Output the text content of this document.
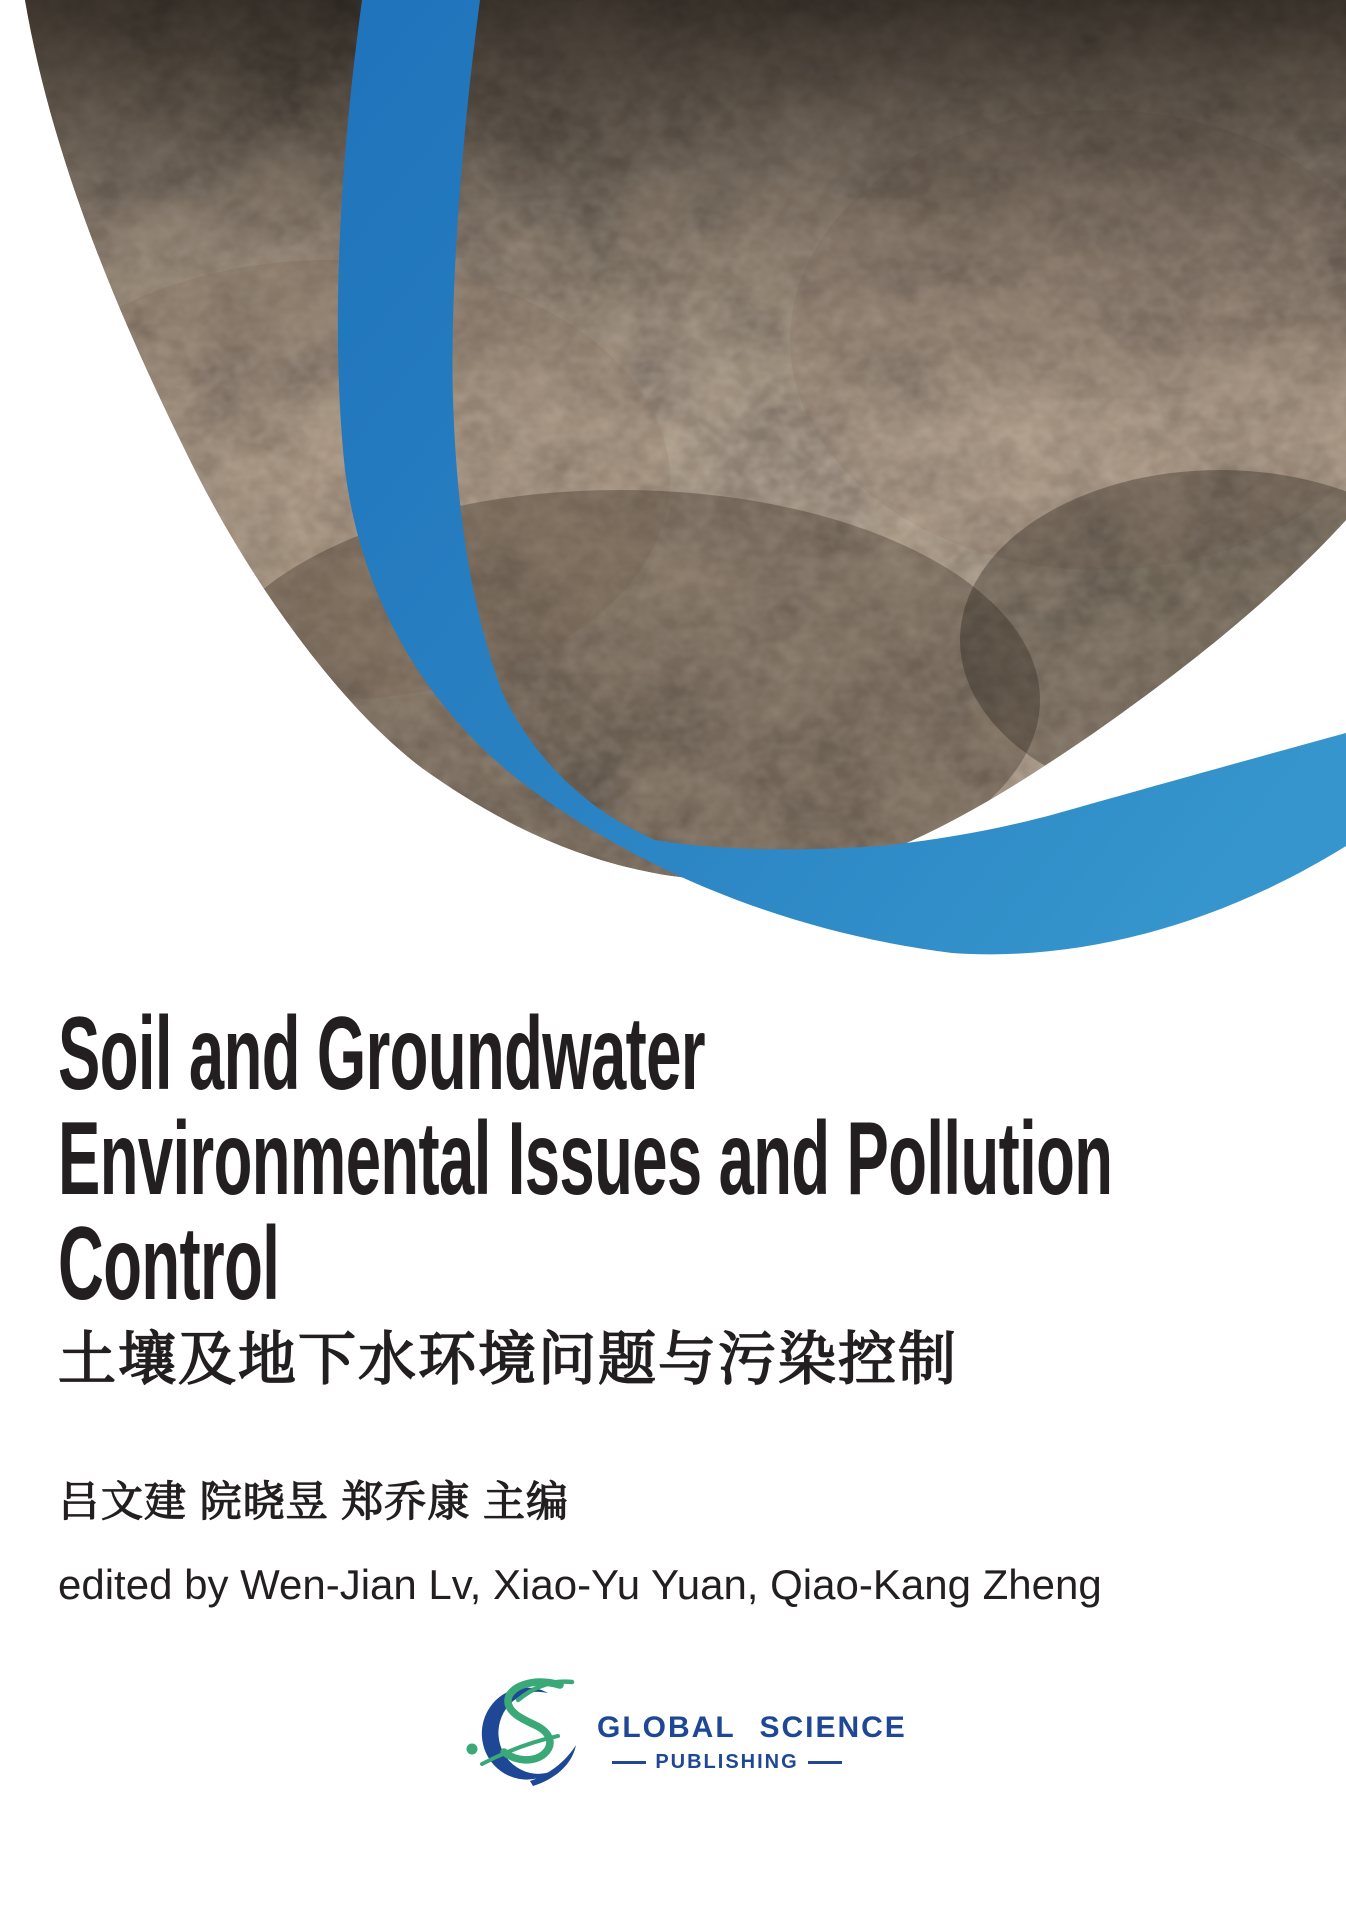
Soil and Groundwater
Environmental Issues and Pollution
Control
土壤及地下水环境问题与污染控制
吕文建 院晓昱 郑乔康 主编
edited by Wen-Jian Lv, Xiao-Yu Yuan, Qiao-Kang Zheng
GLOBAL SCIENCE
PUBLISHING
